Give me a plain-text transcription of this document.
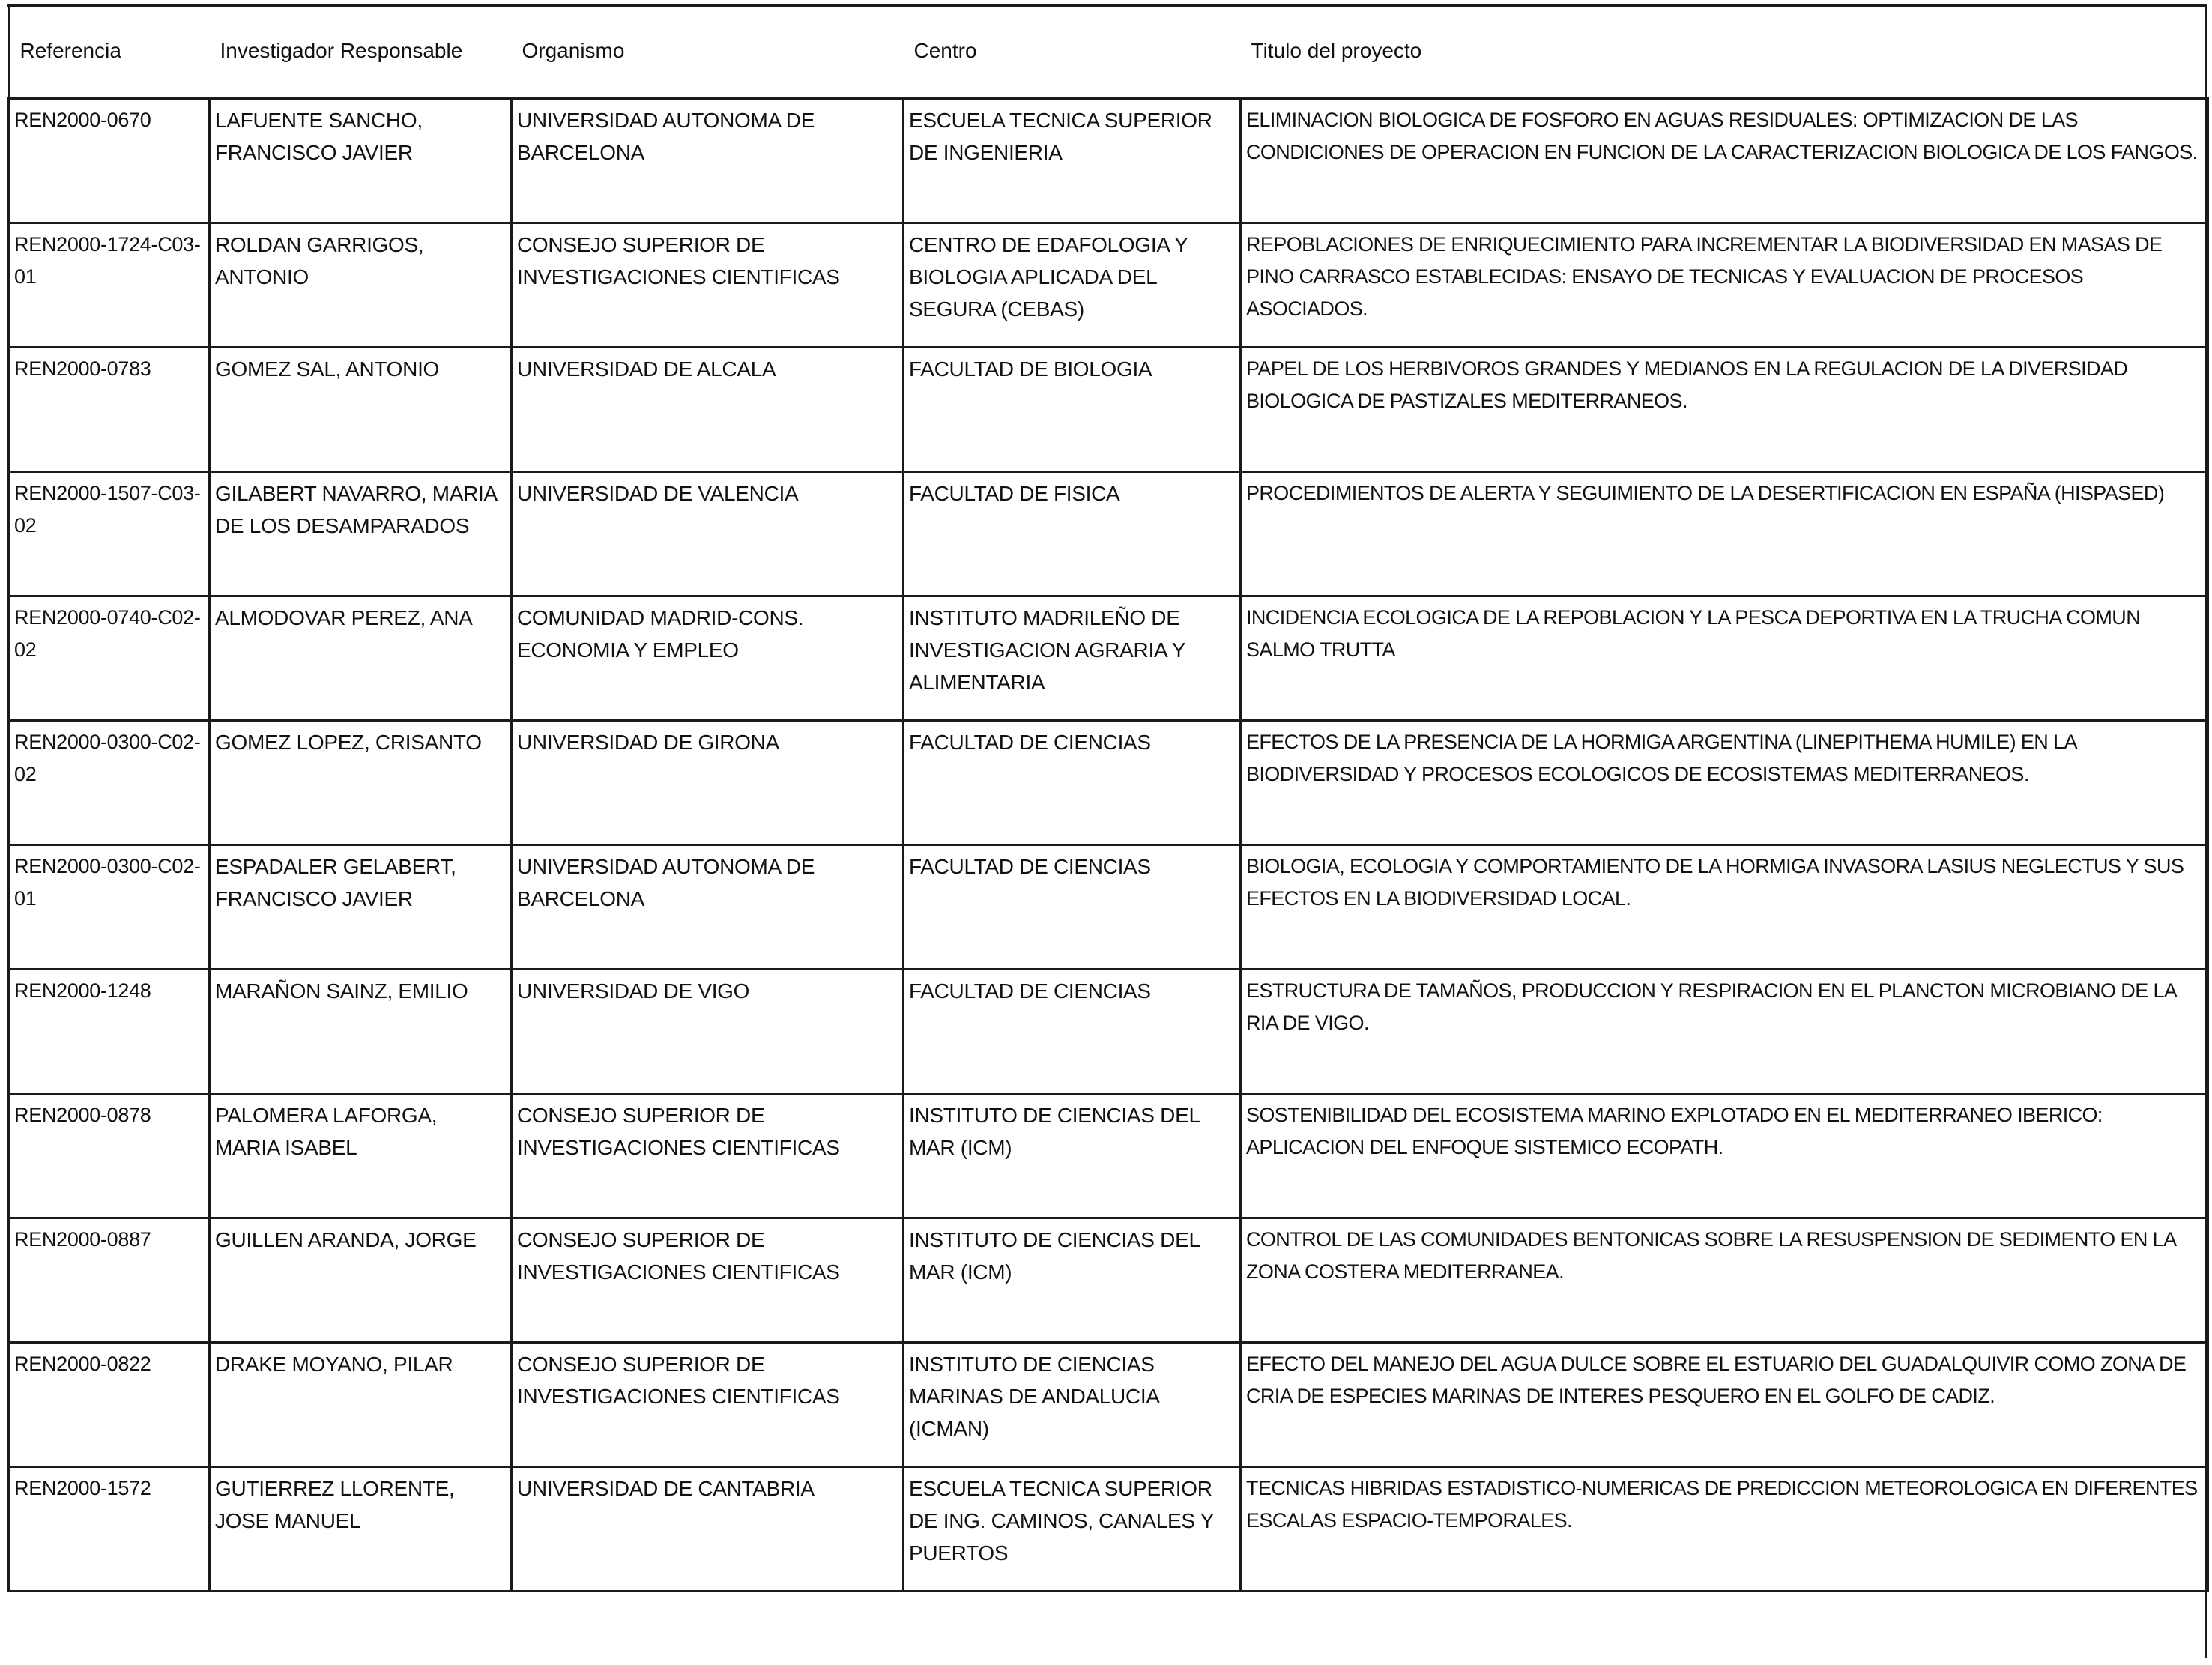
Referencia	Investigador Responsable	Organismo	Centro	Titulo del proyecto
REN2000-0670	LAFUENTE SANCHO, FRANCISCO JAVIER	UNIVERSIDAD AUTONOMA DE BARCELONA	ESCUELA TECNICA SUPERIOR DE INGENIERIA	ELIMINACION BIOLOGICA DE FOSFORO EN AGUAS RESIDUALES: OPTIMIZACION DE LAS CONDICIONES DE OPERACION EN FUNCION DE LA CARACTERIZACION BIOLOGICA DE LOS FANGOS.
REN2000-1724-C03-01	ROLDAN GARRIGOS, ANTONIO	CONSEJO SUPERIOR DE INVESTIGACIONES CIENTIFICAS	CENTRO DE EDAFOLOGIA Y BIOLOGIA APLICADA DEL SEGURA (CEBAS)	REPOBLACIONES DE ENRIQUECIMIENTO PARA INCREMENTAR LA BIODIVERSIDAD EN MASAS DE PINO CARRASCO ESTABLECIDAS: ENSAYO DE TECNICAS Y EVALUACION DE PROCESOS ASOCIADOS.
REN2000-0783	GOMEZ SAL, ANTONIO	UNIVERSIDAD DE ALCALA	FACULTAD DE BIOLOGIA	PAPEL DE LOS HERBIVOROS GRANDES Y MEDIANOS EN LA REGULACION DE LA DIVERSIDAD BIOLOGICA DE PASTIZALES MEDITERRANEOS.
REN2000-1507-C03-02	GILABERT NAVARRO, MARIA DE LOS DESAMPARADOS	UNIVERSIDAD DE VALENCIA	FACULTAD DE FISICA	PROCEDIMIENTOS DE ALERTA Y SEGUIMIENTO DE LA DESERTIFICACION EN ESPAÑA (HISPASED)
REN2000-0740-C02-02	ALMODOVAR PEREZ, ANA	COMUNIDAD MADRID-CONS. ECONOMIA Y EMPLEO	INSTITUTO MADRILEÑO DE INVESTIGACION AGRARIA Y ALIMENTARIA	INCIDENCIA ECOLOGICA DE LA REPOBLACION Y LA PESCA DEPORTIVA EN LA TRUCHA COMUN SALMO TRUTTA
REN2000-0300-C02-02	GOMEZ LOPEZ, CRISANTO	UNIVERSIDAD DE GIRONA	FACULTAD DE CIENCIAS	EFECTOS DE LA PRESENCIA DE LA HORMIGA ARGENTINA (LINEPITHEMA HUMILE) EN LA BIODIVERSIDAD Y PROCESOS ECOLOGICOS DE ECOSISTEMAS MEDITERRANEOS.
REN2000-0300-C02-01	ESPADALER GELABERT, FRANCISCO JAVIER	UNIVERSIDAD AUTONOMA DE BARCELONA	FACULTAD DE CIENCIAS	BIOLOGIA, ECOLOGIA Y COMPORTAMIENTO DE LA HORMIGA INVASORA LASIUS NEGLECTUS Y SUS EFECTOS EN LA BIODIVERSIDAD LOCAL.
REN2000-1248	MARAÑON SAINZ, EMILIO	UNIVERSIDAD DE VIGO	FACULTAD DE CIENCIAS	ESTRUCTURA DE TAMAÑOS, PRODUCCION Y RESPIRACION EN EL PLANCTON MICROBIANO DE LA RIA DE VIGO.
REN2000-0878	PALOMERA LAFORGA, MARIA ISABEL	CONSEJO SUPERIOR DE INVESTIGACIONES CIENTIFICAS	INSTITUTO DE CIENCIAS DEL MAR (ICM)	SOSTENIBILIDAD DEL ECOSISTEMA MARINO EXPLOTADO EN EL MEDITERRANEO IBERICO: APLICACION DEL ENFOQUE SISTEMICO ECOPATH.
REN2000-0887	GUILLEN ARANDA, JORGE	CONSEJO SUPERIOR DE INVESTIGACIONES CIENTIFICAS	INSTITUTO DE CIENCIAS DEL MAR (ICM)	CONTROL DE LAS COMUNIDADES BENTONICAS SOBRE LA RESUSPENSION DE SEDIMENTO EN LA ZONA COSTERA MEDITERRANEA.
REN2000-0822	DRAKE MOYANO, PILAR	CONSEJO SUPERIOR DE INVESTIGACIONES CIENTIFICAS	INSTITUTO DE CIENCIAS MARINAS DE ANDALUCIA (ICMAN)	EFECTO DEL MANEJO DEL AGUA DULCE SOBRE EL ESTUARIO DEL GUADALQUIVIR COMO ZONA DE CRIA DE ESPECIES MARINAS DE INTERES PESQUERO EN EL GOLFO DE CADIZ.
REN2000-1572	GUTIERREZ LLORENTE, JOSE MANUEL	UNIVERSIDAD DE CANTABRIA	ESCUELA TECNICA SUPERIOR DE ING. CAMINOS, CANALES Y PUERTOS	TECNICAS HIBRIDAS ESTADISTICO-NUMERICAS DE PREDICCION METEOROLOGICA EN DIFERENTES ESCALAS ESPACIO-TEMPORALES.
